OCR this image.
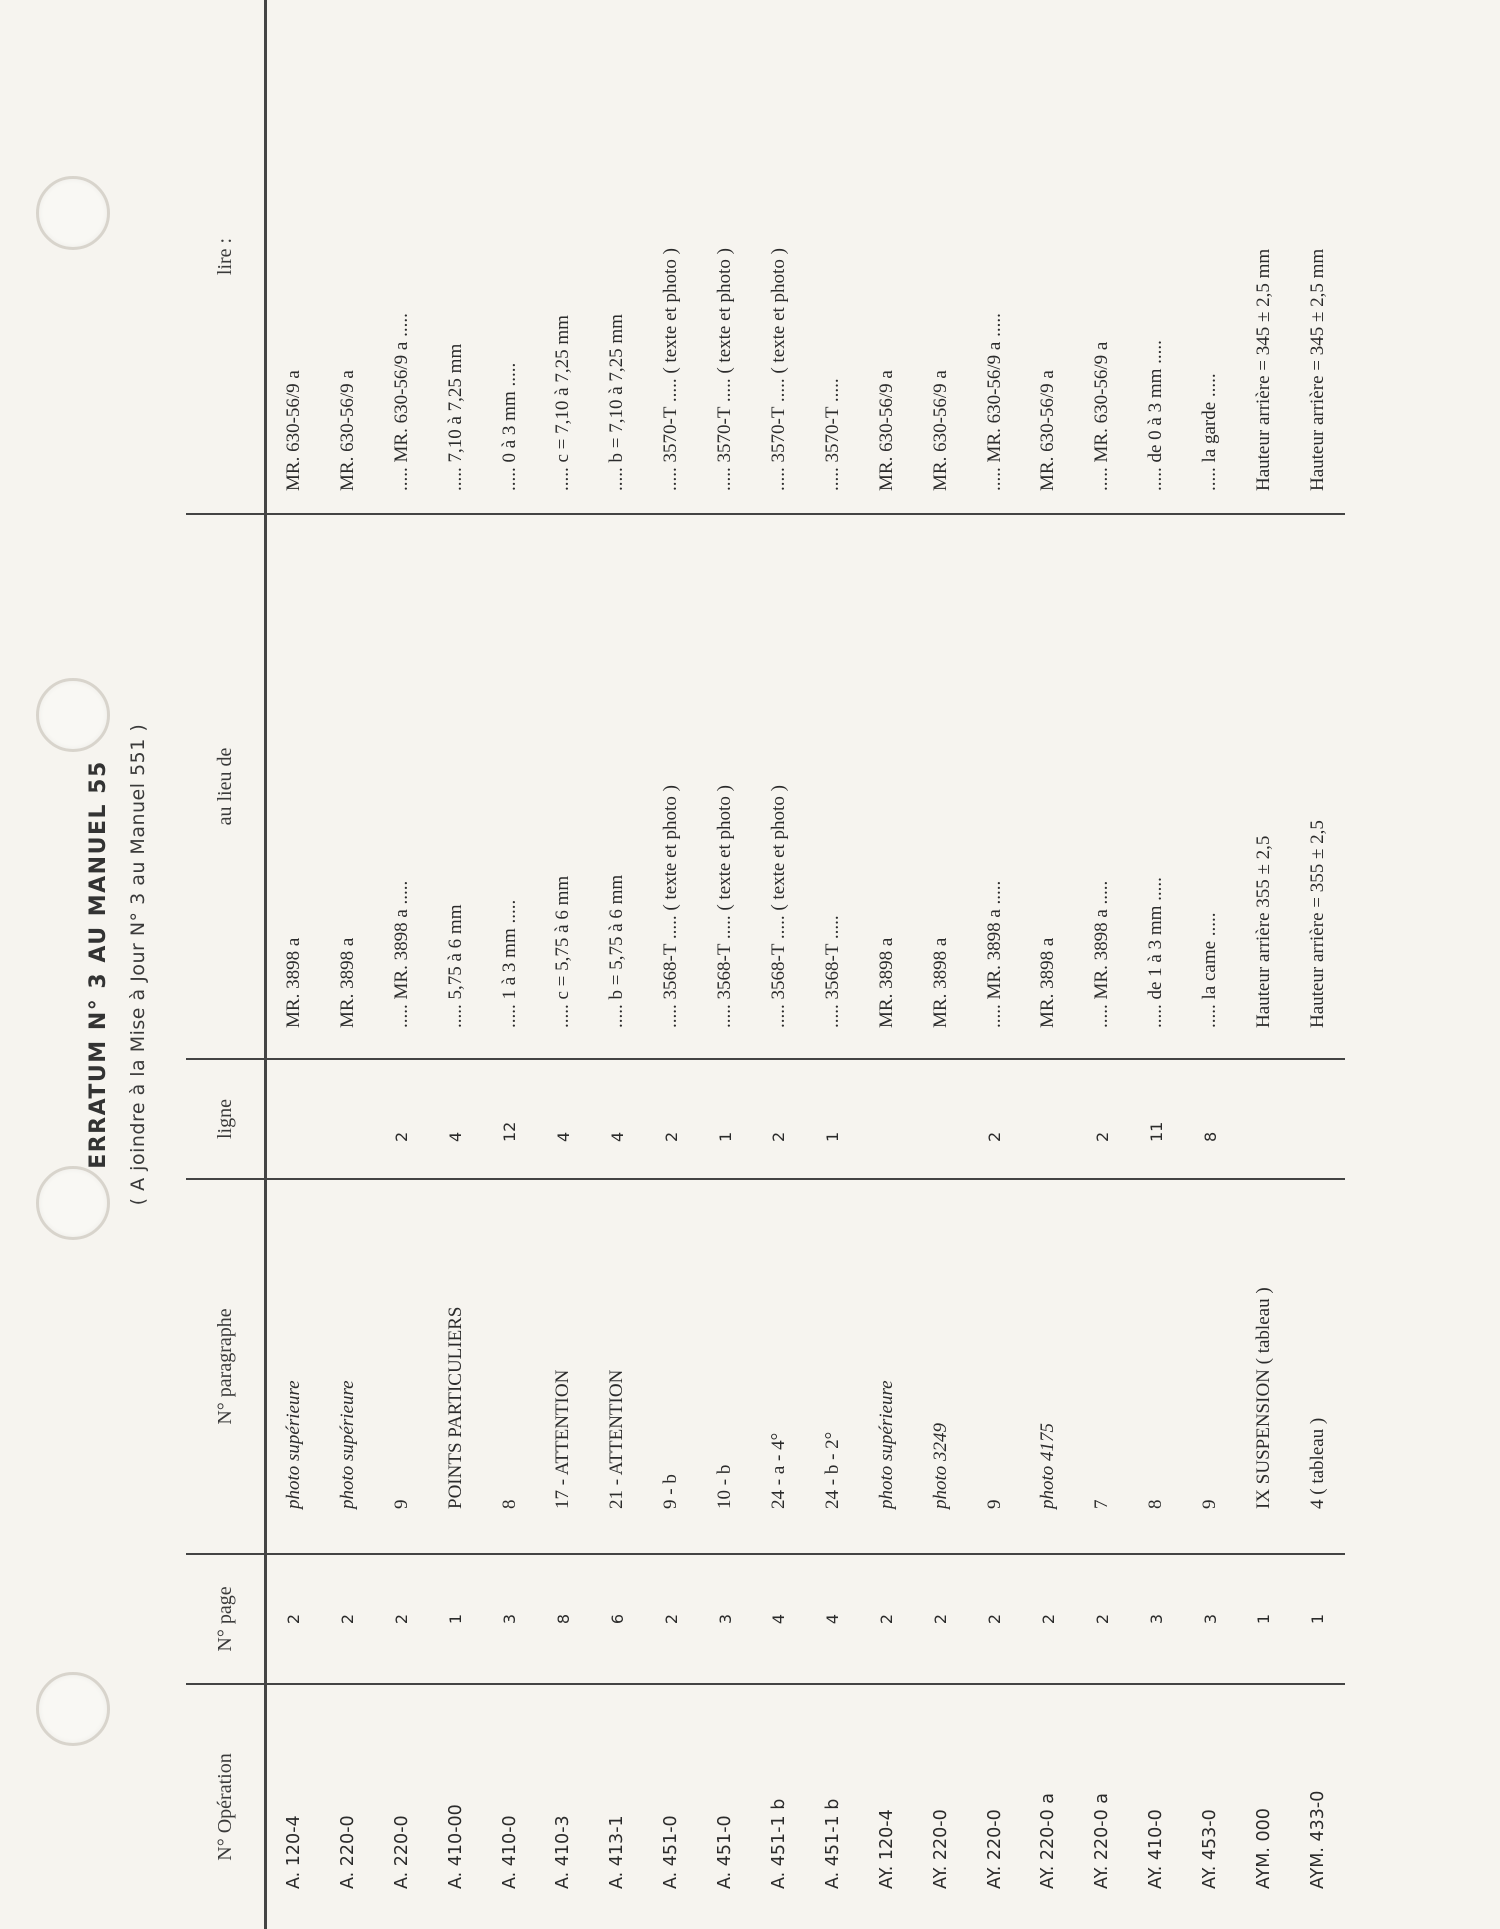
ERRATUM N° 3 AU MANUEL 55 ( A joindre à la Mise à Jour N° 3 au Manuel 551 )
N° Opération	N° page	N° paragraphe	ligne	au lieu de	lire :
A. 120-4	2	photo supérieure		MR. 3898 a	MR. 630-56/9 a
A. 220-0	2	photo supérieure		MR. 3898 a	MR. 630-56/9 a
A. 220-0	2	9	2	..... MR. 3898 a .....	..... MR. 630-56/9 a .....
A. 410-00	1	POINTS PARTICULIERS	4	..... 5,75 à 6 mm	..... 7,10 à 7,25 mm
A. 410-0	3	8	12	..... 1 à 3 mm .....	..... 0 à 3 mm .....
A. 410-3	8	17 - ATTENTION	4	..... c = 5,75 à 6 mm	..... c = 7,10 à 7,25 mm
A. 413-1	6	21 - ATTENTION	4	..... b = 5,75 à 6 mm	..... b = 7,10 à 7,25 mm
A. 451-0	2	9 - b	2	..... 3568-T ..... ( texte et photo )	..... 3570-T ..... ( texte et photo )
A. 451-0	3	10 - b	1	..... 3568-T ..... ( texte et photo )	..... 3570-T ..... ( texte et photo )
A. 451-1 b	4	24 - a - 4°	2	..... 3568-T ..... ( texte et photo )	..... 3570-T ..... ( texte et photo )
A. 451-1 b	4	24 - b - 2°	1	..... 3568-T .....	..... 3570-T .....
AY. 120-4	2	photo supérieure		MR. 3898 a	MR. 630-56/9 a
AY. 220-0	2	photo 3249		MR. 3898 a	MR. 630-56/9 a
AY. 220-0	2	9	2	..... MR. 3898 a .....	..... MR. 630-56/9 a .....
AY. 220-0 a	2	photo 4175		MR. 3898 a	MR. 630-56/9 a
AY. 220-0 a	2	7	2	..... MR. 3898 a .....	..... MR. 630-56/9 a
AY. 410-0	3	8	11	..... de 1 à 3 mm .....	..... de 0 à 3 mm .....
AY. 453-0	3	9	8	..... la came .....	..... la garde .....
AYM. 000	1	IX SUSPENSION ( tableau )		Hauteur arrière 355 ± 2,5	Hauteur arrière = 345 ± 2,5 mm
AYM. 433-0	1	4 ( tableau )		Hauteur arrière = 355 ± 2,5	Hauteur arrière = 345 ± 2,5 mm
